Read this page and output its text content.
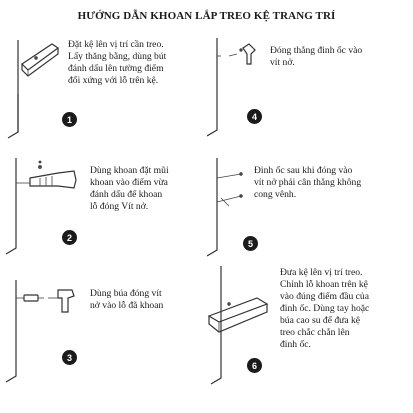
HƯỚNG DẪN KHOAN LẮP TREO KỆ TRANG TRÍ
Đặt kệ lên vị trí cần treo.
Lấy thăng bằng, dùng bút
đánh dấu lên tường điểm
đối xứng với lỗ trên kệ.
1
Dùng khoan đặt mũi
khoan vào điểm vừa
đánh dấu để khoan
lỗ đóng Vít nở.
2
Dùng búa đóng vít
nở vào lỗ đã khoan
3
Đóng thẳng đinh ốc vào
vít nở.
4
Đinh ốc sau khi đóng vào
vít nở phải cân thẳng không
cong vênh.
5
Đưa kệ lên vị trí treo.
Chỉnh lỗ khoan trên kệ
vào đúng điểm đầu của
đinh ốc. Dùng tay hoặc
búa cao su để đưa kệ
treo chắc chắn lên
đinh ốc.
6
